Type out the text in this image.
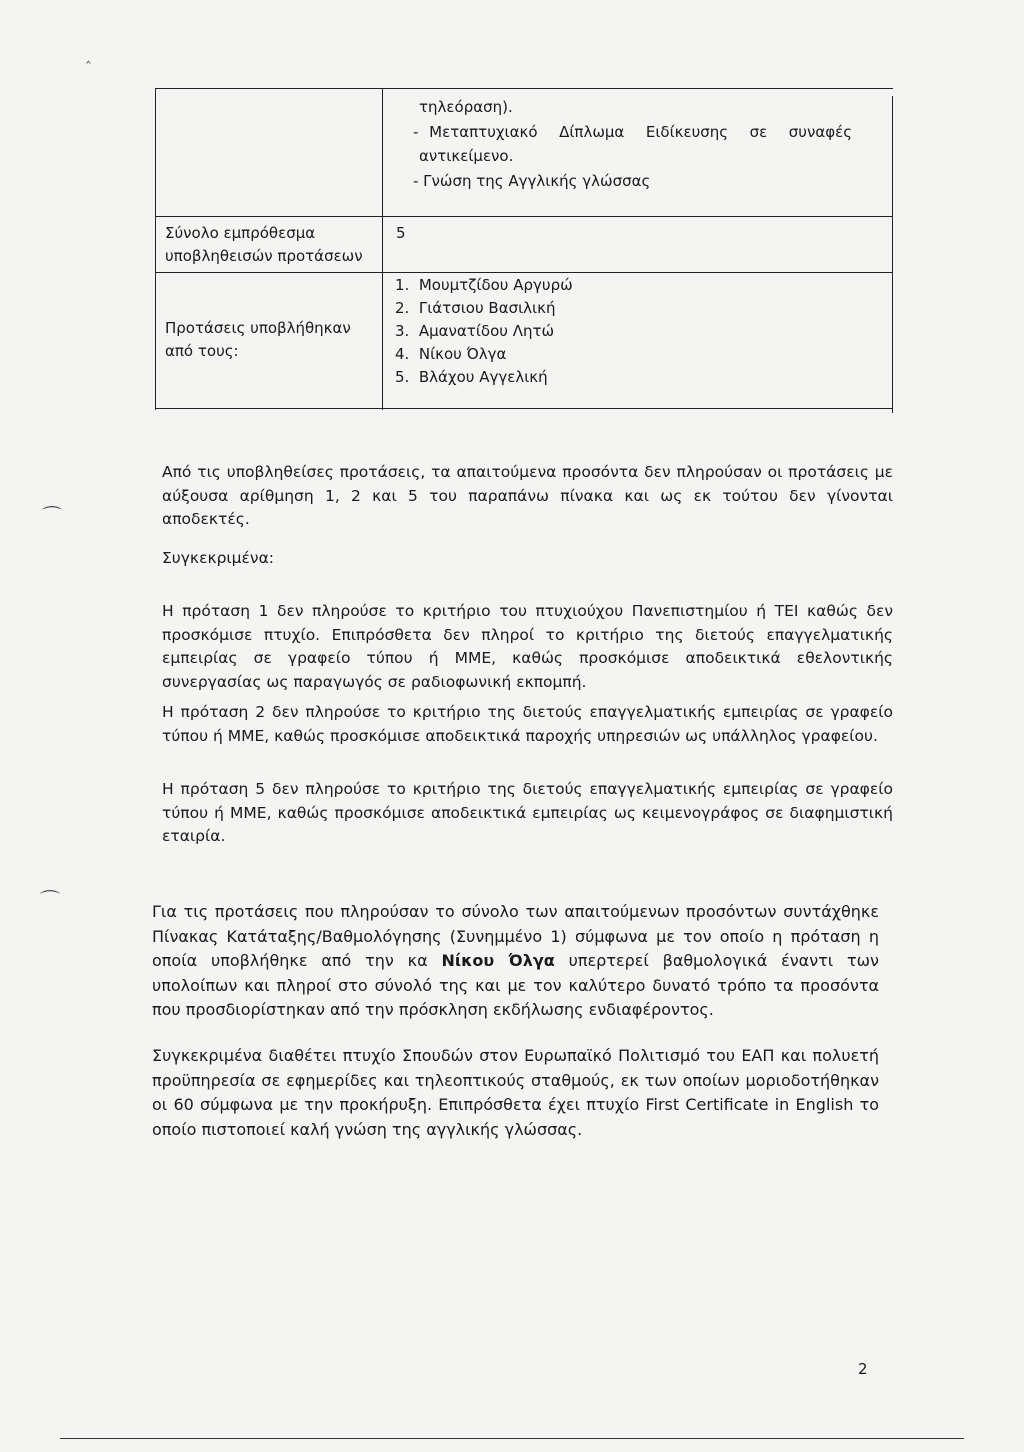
τηλεόραση).
- Μεταπτυχιακό  Δίπλωμα  Ειδίκευσης  σε  συναφές
αντικείμενο.
- Γνώση της Αγγλικής γλώσσας
Σύνολο εμπρόθεσμα
υποβληθεισών προτάσεων
5
Προτάσεις υποβλήθηκαν
από τους:
1.  Μουμτζίδου Αργυρώ
2.  Γιάτσιου Βασιλική
3.  Αμανατίδου Λητώ
4.  Νίκου Όλγα
5.  Βλάχου Αγγελική
‸
⌒
⌒
Από τις υποβληθείσες προτάσεις, τα απαιτούμενα προσόντα δεν πληρούσαν οι προτάσεις με αύξουσα αρίθμηση 1, 2 και 5 του παραπάνω πίνακα και ως εκ τούτου δεν γίνονται αποδεκτές.
Συγκεκριμένα:
Η πρόταση 1 δεν πληρούσε το κριτήριο του πτυχιούχου Πανεπιστημίου ή ΤΕΙ καθώς δεν προσκόμισε πτυχίο. Επιπρόσθετα δεν πληροί το κριτήριο της διετούς επαγγελματικής εμπειρίας σε γραφείο τύπου ή ΜΜΕ, καθώς προσκόμισε αποδεικτικά εθελοντικής συνεργασίας ως παραγωγός σε ραδιοφωνική εκπομπή.
Η πρόταση 2 δεν πληρούσε το κριτήριο της διετούς επαγγελματικής εμπειρίας σε γραφείο τύπου ή ΜΜΕ, καθώς προσκόμισε αποδεικτικά παροχής υπηρεσιών ως υπάλληλος γραφείου.
Η πρόταση 5 δεν πληρούσε το κριτήριο της διετούς επαγγελματικής εμπειρίας σε γραφείο τύπου ή ΜΜΕ, καθώς προσκόμισε αποδεικτικά εμπειρίας ως κειμενογράφος σε διαφημιστική εταιρία.
Για τις προτάσεις που πληρούσαν το σύνολο των απαιτούμενων προσόντων συντάχθηκε Πίνακας Κατάταξης/Βαθμολόγησης (Συνημμένο 1) σύμφωνα με τον οποίο η πρόταση η οποία υποβλήθηκε από την κα Νίκου Όλγα υπερτερεί βαθμολογικά έναντι των υπολοίπων και πληροί στο σύνολό της και με τον καλύτερο δυνατό τρόπο τα προσόντα που προσδιορίστηκαν από την πρόσκληση εκδήλωσης ενδιαφέροντος.
Συγκεκριμένα διαθέτει πτυχίο Σπουδών στον Ευρωπαϊκό Πολιτισμό του ΕΑΠ και πολυετή προϋπηρεσία σε εφημερίδες και τηλεοπτικούς σταθμούς, εκ των οποίων μοριοδοτήθηκαν οι 60 σύμφωνα με την προκήρυξη. Επιπρόσθετα έχει πτυχίο First Certificate in English το οποίο πιστοποιεί καλή γνώση της αγγλικής γλώσσας.
2
